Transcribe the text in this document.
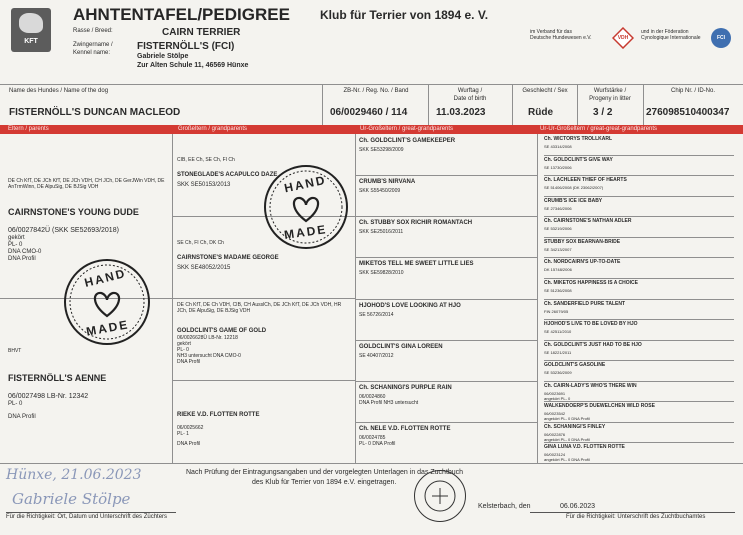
KFT
AHNTENTAFEL/PEDIGREE	Klub für Terrier von 1894 e. V.
Rasse / Breed:	CAIRN TERRIER
Zwingername /
Kennel name:
FISTERNÖLL'S (FCI)
Gabriele Stölpe
Zur Alten Schule 11, 46569 Hünxe
im Verband für das
Deutsche Hundewesen e.V.	VDH
und in der Föderation
Cynologique Internationale	FCI
Name des Hundes / Name of the dog
FISTERNÖLL'S DUNCAN MACLEOD
ZB-Nr. / Reg. No. / Band
06/0029460 / 114
Wurftag /
Date of birth
11.03.2023
Geschlecht / Sex
Rüde
Wurfstärke /
Progeny in litter
3 / 2
Chip Nr. / ID-No.
276098510400347
Eltern / parents	Großeltern / grandparents	Ur-Großeltern / great-grandparents	Ur-Ur-Großeltern / great-great-grandparents
DE Ch KfT, DE JCh KfT, DE JCh VDH, CH JCh, DE GerJWin VDH, DE AnTrmWinn, DE AlpuSig, DE BJSig VDH
CAIRNSTONE'S YOUNG DUDE
06/0027842Ü (SKK SE52693/2018)
gekört
PL- 0
DNA CMO-0
DNA Profil
BHVT
FISTERNÖLL'S AENNE
06/0027498 LB-Nr. 12342
PL- 0
DNA Profil
CIB, EE Ch, SE Ch, FI Ch
STONEGLADE'S ACAPULCO DAZE
SKK SE50153/2013
SE Ch, FI Ch, DK Ch
CAIRNSTONE'S MADAME GEORGE
SKK SE48052/2015
DE Ch KfT, DE Ch VDH, CIB, CH AusslCh, DE JCh KfT, DE JCh VDH, HR JCh, DE AlpuSig, DE BJSig VDH
GOLDCLINT'S GAME OF GOLD
06/0026628Ü LB-Nr. 12218
gekört
PL- 0
NH3 untersucht DNA CMO-0
DNA Profil
RIEKE V.D. FLOTTEN ROTTE
06/0025662
PL- 1
DNA Profil
Ch. GOLDCLINT'S GAMEKEEPER
SKK SE53298/2009
CRUMB'S NIRVANA
SKK S55450/2009
Ch. STUBBY SOX RICHIR ROMANTACH
SKK SE25016/2011
MIKETOS TELL ME SWEET LITTLE LIES
SKK SE59828/2010
HJOHOD'S LOVE LOOKING AT HJO
SE 56726/2014
GOLDCLINT'S GINA LOREEN
SE 40407/2012
Ch. SCHANINGI'S PURPLE RAIN
06/0024860
DNA Profil NH3 untersucht
Ch. NELE V.D. FLOTTEN ROTTE
06/0024785
PL- 0 DNA Profil
Ch. WICTORYS TROLLKARL
SE 43314/2008
Ch. GOLDCLINT'S GIVE WAY
SE 13730/2006
Ch. LACHLEEN THIEF OF HEARTS
SE 51406/2008 (DK 23062/2007)
CRUMB'S ICE ICE BABY
SE 27346/2006
Ch. CAIRNSTONE'S NATHAN ADLER
SE 53219/2006
STUBBY SOX BEARNAN-BRIDE
SE 34213/2007
Ch. NORDCAIRN'S UP-TO-DATE
DK 15748/2006
Ch. MIKETOS HAPPINESS IS A CHOICE
SE 51236/2008
Ch. SANDERFIELD PURE TALENT
FIN 26079/05
HJOHOD'S LIVE TO BE LOVED BY HJO
SE 42511/2010
Ch. GOLDCLINT'S JUST HAD TO BE HJO
SE 18221/2011
GOLDCLINT'S GASOLINE
SE 53236/2009
Ch. CAIRN-LADY'S WHO'S THERE WIN
06/0023691
angekört PL- 0
WALKENDOERP'S DUEWELCHEN WILD ROSE
06/0023542
angekört PL- 0 DNA Profil
Ch. SCHANINGI'S FINLEY
06/0022876
angekört PL- 0 DNA Profil
GINA LUNA V.D. FLOTTEN ROTTE
06/0023124
angekört PL- 0 DNA Profil
HAND
MADE
HAND
MADE
Nach Prüfung der Eintragungsangaben und der vorgelegten Unterlagen in das Zuchtbuch
des Klub für Terrier von 1894 e.V. eingetragen.
Hünxe, 21.06.2023
Gabriele Stölpe
Für die Richtigkeit: Ort, Datum und Unterschrift des Züchters
Kelsterbach, den	06.06.2023
Für die Richtigkeit: Unterschrift des Zuchtbuchamtes
